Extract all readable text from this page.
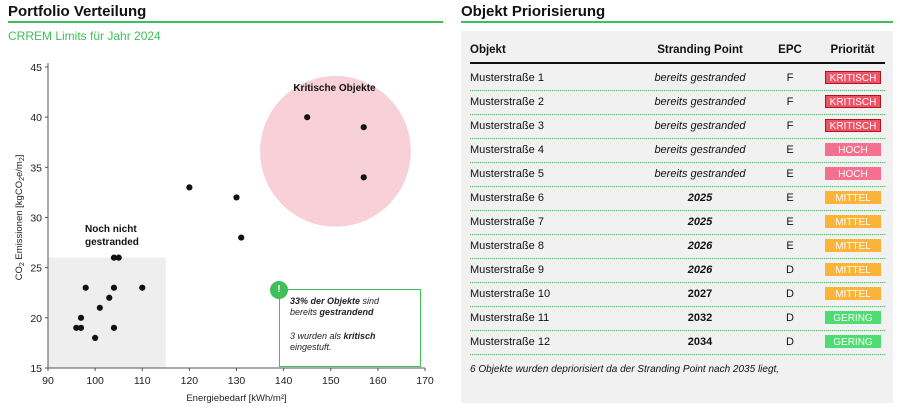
Portfolio Verteilung
CRREM Limits für Jahr 2024
90	100	110	120	130	140	150	160	170
15
20
25
30
35
40
45
Energiebedarf [kWh/m²]
$CO_2$ Emissionen $[kgCO_2e/m_2]$
Noch nicht
gestranded
Kritische Objekte
!
33% der Objekte sind
bereits gestrandend
3 wurden als kritisch
eingestuft.
Objekt Priorisierung
Objekt	Stranding Point	EPC	Priorität
Musterstraße 1	bereits gestranded	F	KRITISCH
Musterstraße 2	bereits gestranded	F	KRITISCH
Musterstraße 3	bereits gestranded	F	KRITISCH
Musterstraße 4	bereits gestranded	E	HOCH
Musterstraße 5	bereits gestranded	E	HOCH
Musterstraße 6	2025	E	MITTEL
Musterstraße 7	2025	E	MITTEL
Musterstraße 8	2026	E	MITTEL
Musterstraße 9	2026	D	MITTEL
Musterstraße 10	2027	D	MITTEL
Musterstraße 11	2032	D	GERING
Musterstraße 12	2034	D	GERING
6 Objekte wurden depriorisiert da der Stranding Point nach 2035 liegt,
